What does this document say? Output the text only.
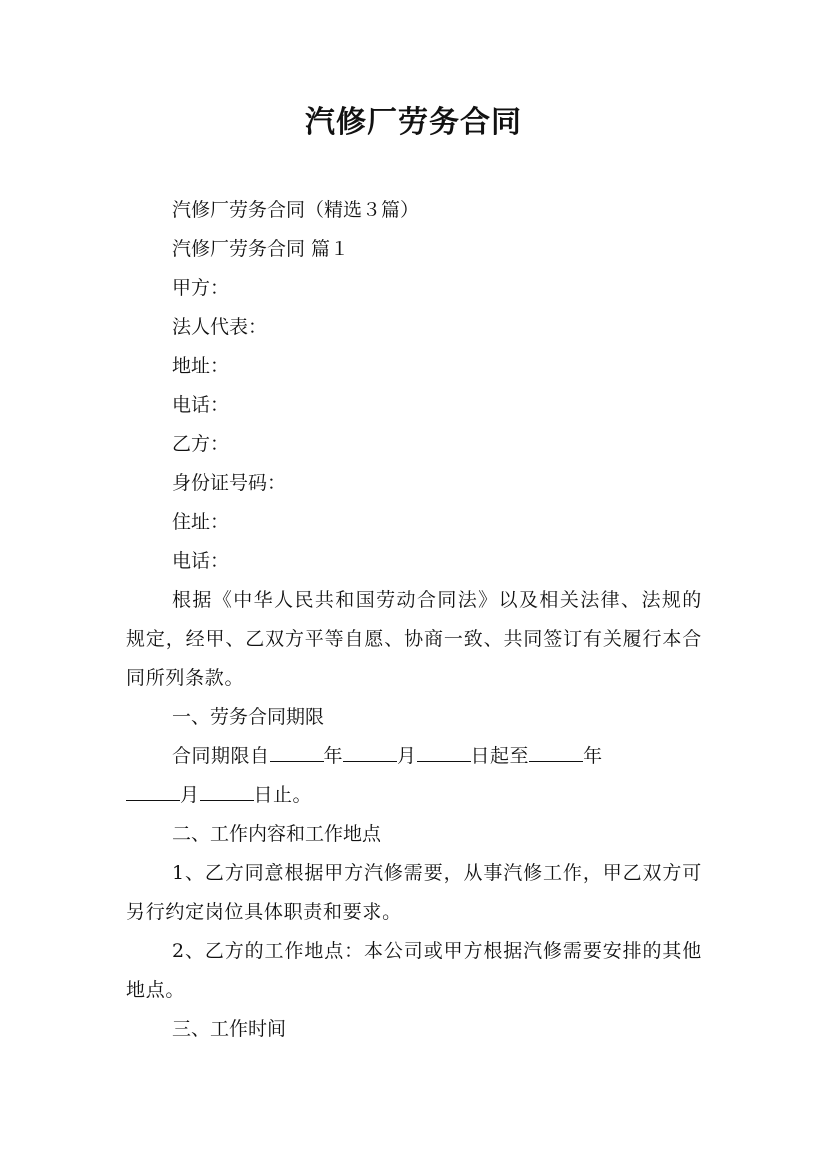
汽修厂劳务合同

汽修厂劳务合同（精选３篇）

汽修厂劳务合同 篇１

甲方：

法人代表：

地址：

电话：

乙方：

身份证号码：

住址：

电话：

根据《中华人民共和国劳动合同法》以及相关法律、法规的规定，经甲、乙双方平等自愿、协商一致、共同签订有关履行本合同所列条款。

一、劳务合同期限

合同期限自	年	月	日起至	年

月	日止。

二、工作内容和工作地点

1、乙方同意根据甲方汽修需要，从事汽修工作，甲乙双方可另行约定岗位具体职责和要求。

2、乙方的工作地点：本公司或甲方根据汽修需要安排的其他地点。

三、工作时间
